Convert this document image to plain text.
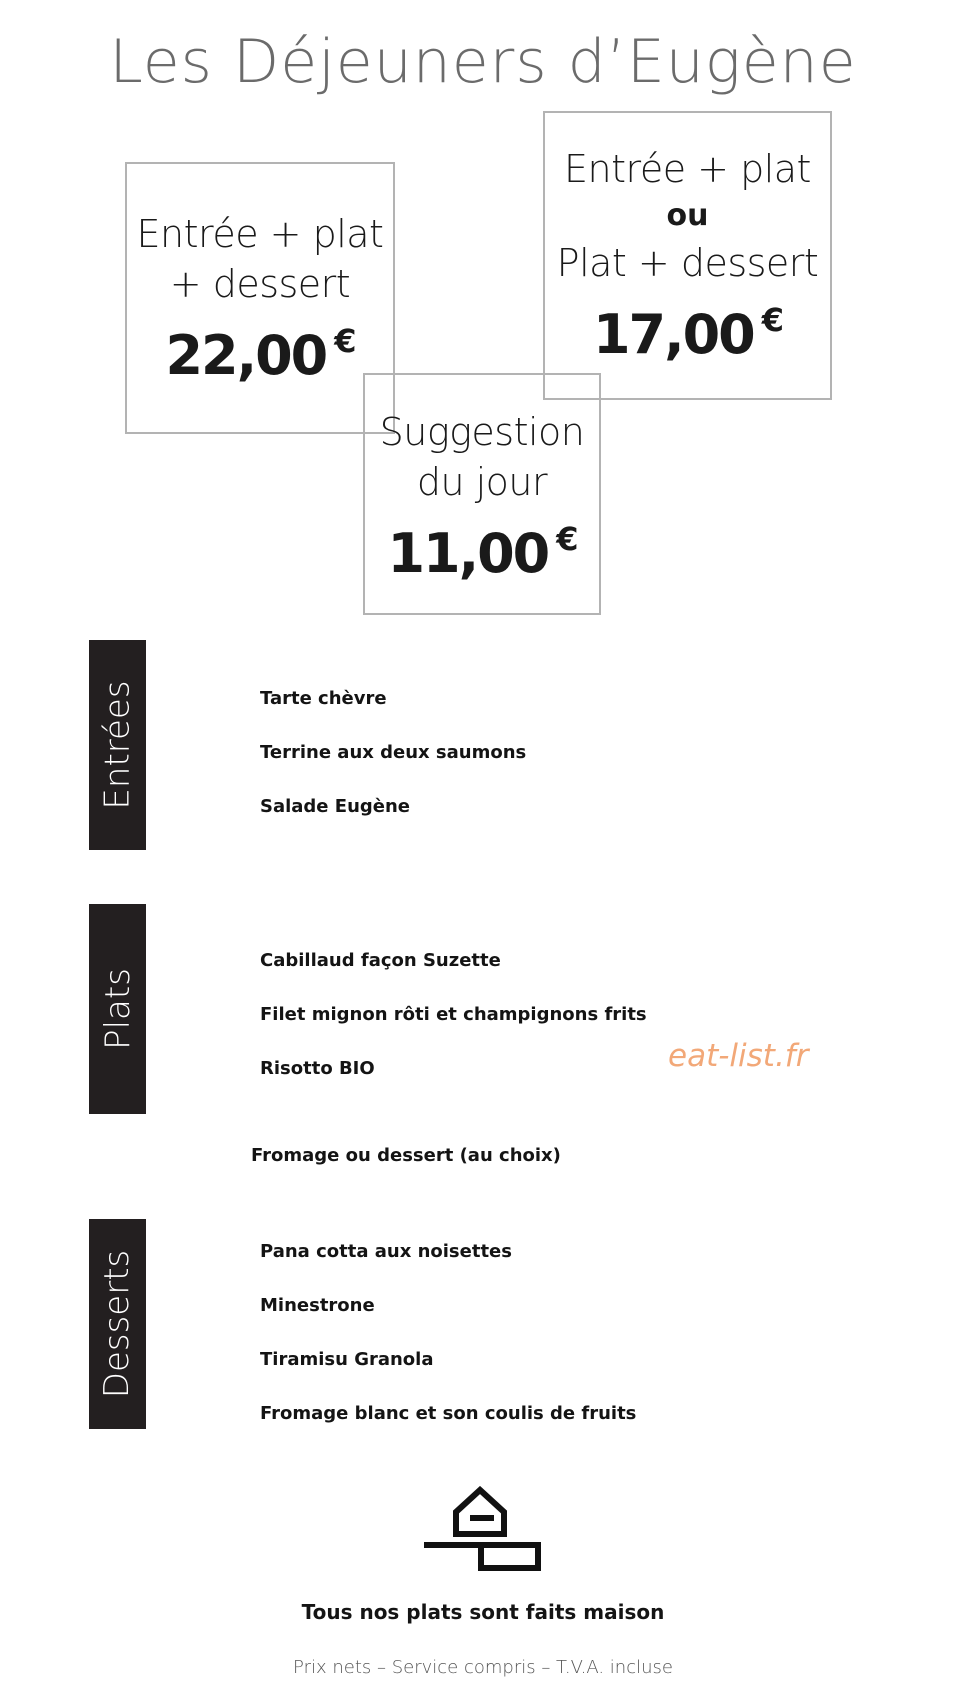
Les Déjeuners d’Eugène
Entrée + plat
+ dessert
22,00 €
Entrée + plat
ou
Plat + dessert
17,00 €
Suggestion
du jour
11,00 €
Entrées	Tarte chèvre
Terrine aux deux saumons
Salade Eugène
Plats
Cabillaud façon Suzette
Filet mignon rôti et champignons frits
Risotto BIO	eat-list.fr
Fromage ou dessert (au choix)
Desserts	Pana cotta aux noisettes
Minestrone
Tiramisu Granola
Fromage blanc et son coulis de fruits
Tous nos plats sont faits maison
Prix nets – Service compris – T.V.A. incluse
